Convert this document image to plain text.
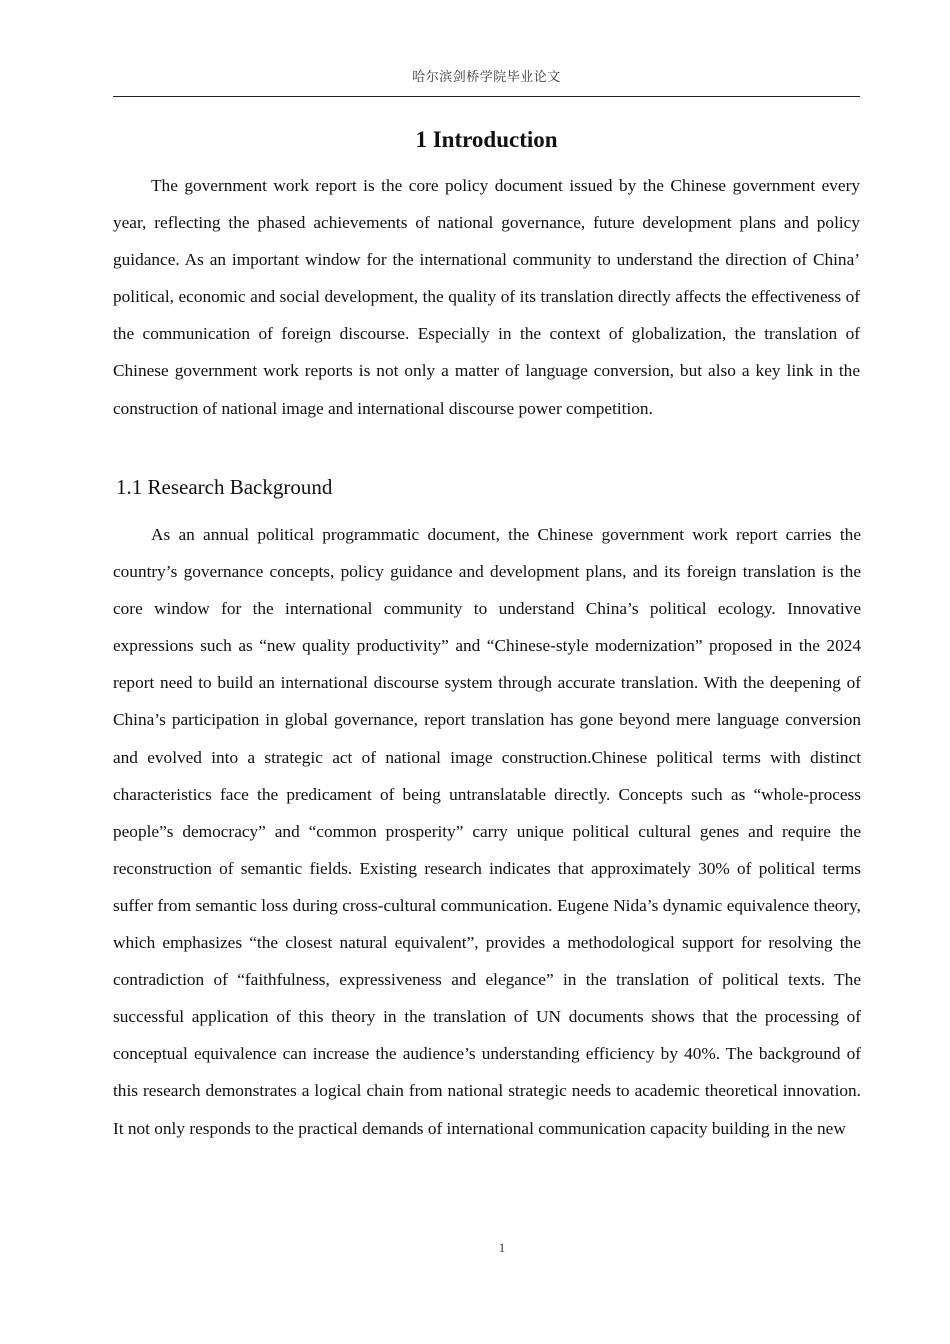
哈尔滨剑桥学院毕业论文
1 Introduction

The government work report is the core policy document issued by the Chinese government every year, reflecting the phased achievements of national governance, future development plans and policy guidance. As an important window for the international community to understand the direction of China’ political, economic and social development, the quality of its translation directly affects the effectiveness of the communication of foreign discourse. Especially in the context of globalization, the translation of Chinese government work reports is not only a matter of language conversion, but also a key link in the construction of national image and international discourse power competition.

1.1 Research Background

As an annual political programmatic document, the Chinese government work report carries the country’s governance concepts, policy guidance and development plans, and its foreign translation is the core window for the international community to understand China’s political ecology. Innovative expressions such as “new quality productivity” and “Chinese-style modernization” proposed in the 2024 report need to build an international discourse system through accurate translation. With the deepening of China’s participation in global governance, report translation has gone beyond mere language conversion and evolved into a strategic act of national image construction.Chinese political terms with distinct characteristics face the predicament of being untranslatable directly. Concepts such as “whole-process people”s democracy” and “common prosperity” carry unique political cultural genes and require the reconstruction of semantic fields. Existing research indicates that approximately 30% of political terms suffer from semantic loss during cross-cultural communication. Eugene Nida’s dynamic equivalence theory, which emphasizes “the closest natural equivalent”, provides a methodological support for resolving the contradiction of “faithfulness, expressiveness and elegance” in the translation of political texts. The successful application of this theory in the translation of UN documents shows that the processing of conceptual equivalence can increase the audience’s understanding efficiency by 40%. The background of this research demonstrates a logical chain from national strategic needs to academic theoretical innovation. It not only responds to the practical demands of international communication capacity building in the new

1
